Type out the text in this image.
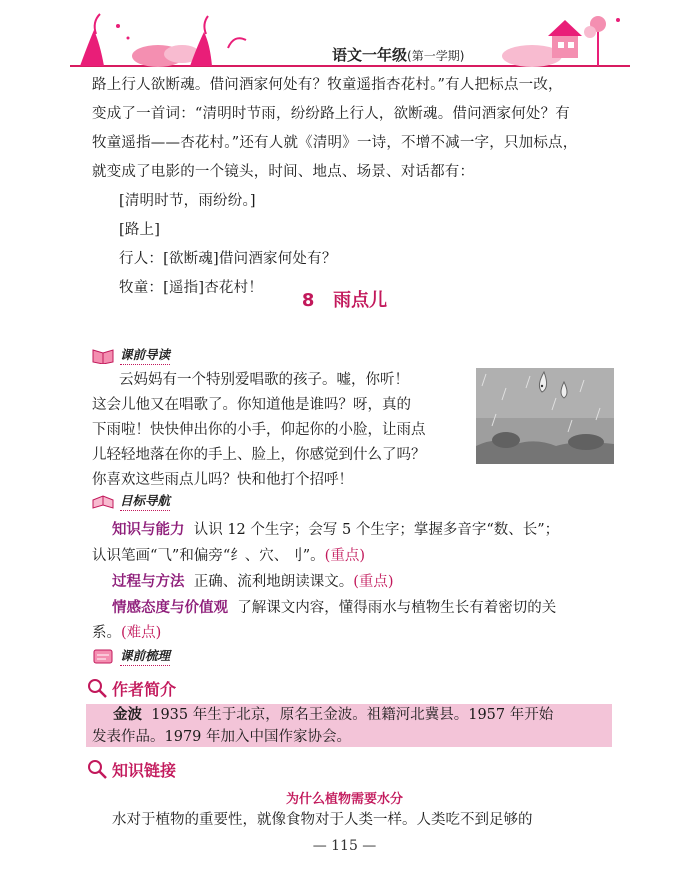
语文一年级(第一学期)
路上行人欲断魂。借问酒家何处有？牧童遥指杏花村。”有人把标点一改，
变成了一首词：“清明时节雨，纷纷路上行人，欲断魂。借问酒家何处？有
牧童遥指——杏花村。”还有人就《清明》一诗，不增不减一字，只加标点，
就变成了电影的一个镜头，时间、地点、场景、对话都有：
[清明时节，雨纷纷。]
[路上]
行人：[欲断魂]借问酒家何处有？
牧童：[遥指]杏花村！
8 雨点儿
课前导读
云妈妈有一个特别爱唱歌的孩子。嘘，你听！
这会儿他又在唱歌了。你知道他是谁吗？呀，真的
下雨啦！快快伸出你的小手，仰起你的小脸，让雨点
儿轻轻地落在你的手上、脸上，你感觉到什么了吗？
你喜欢这些雨点儿吗？快和他打个招呼！
目标导航
知识与能力 认识 12 个生字；会写 5 个生字；掌握多音字“数、长”；
认识笔画“⺄”和偏旁“纟、穴、刂”。(重点)
过程与方法 正确、流利地朗读课文。(重点)
情感态度与价值观 了解课文内容，懂得雨水与植物生长有着密切的关
系。(难点)
课前梳理
作者简介
金波 1935 年生于北京，原名王金波。祖籍河北冀县。1957 年开始
发表作品。1979 年加入中国作家协会。
知识链接
为什么植物需要水分
水对于植物的重要性，就像食物对于人类一样。人类吃不到足够的
— 115 —
